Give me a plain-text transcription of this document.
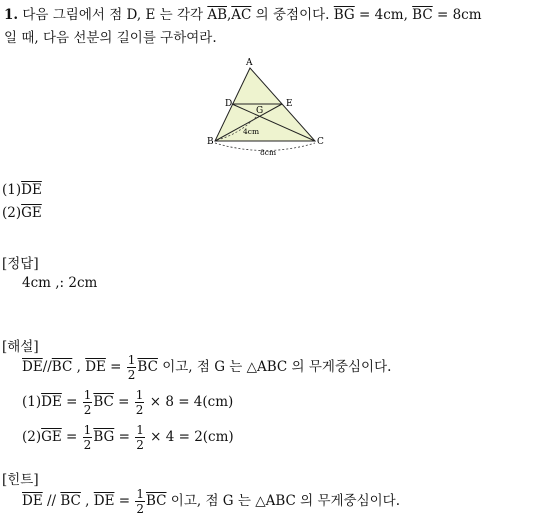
1. 다음 그림에서 점 D, E 는 각각 $\overline{AB},\overline{AC}$ 의 중점이다. $\overline{BG} = 4cm$, $\overline{BC} = 8cm$
일 때, 다음 선분의 길이를 구하여라.
A
B	C
D	E
G
4cm
8cm
$(1)\overline{DE}$
$(2)\overline{GE}$
[정답]
4cm ,: 2cm
[해설]
$\overline{DE}//\overline{BC}$ , $\overline{DE} = \frac{1}{2} \overline{BC}$ 이고, 점 G 는 △ABC 의 무게중심이다.
$(1)\overline{DE} = \frac{1}{2} \overline{BC} = \frac{1}{2} \times 8 = 4(cm)$
$(2)\overline{GE} = \frac{1}{2} \overline{BG} = \frac{1}{2} \times 4 = 2(cm)$
[힌트]
$\overline{DE} // \overline{BC}$ , $\overline{DE} = \frac{1}{2} \overline{BC}$ 이고, 점 G 는 △ABC 의 무게중심이다.
